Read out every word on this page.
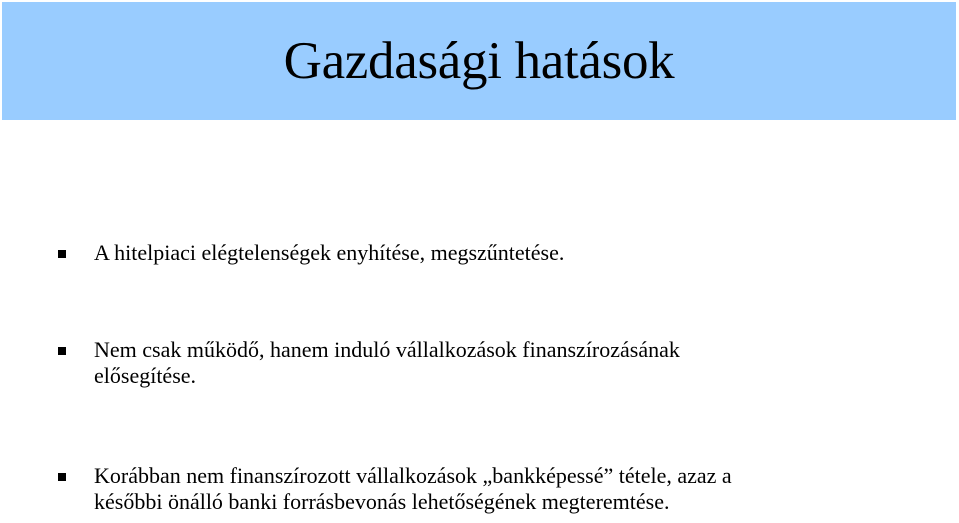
Gazdasági hatások
A hitelpiaci elégtelenségek enyhítése, megszűntetése.
Nem csak működő, hanem induló vállalkozások finanszírozásának
elősegítése.
Korábban nem finanszírozott vállalkozások „bankképessé” tétele, azaz a
későbbi önálló banki forrásbevonás lehetőségének megteremtése.
